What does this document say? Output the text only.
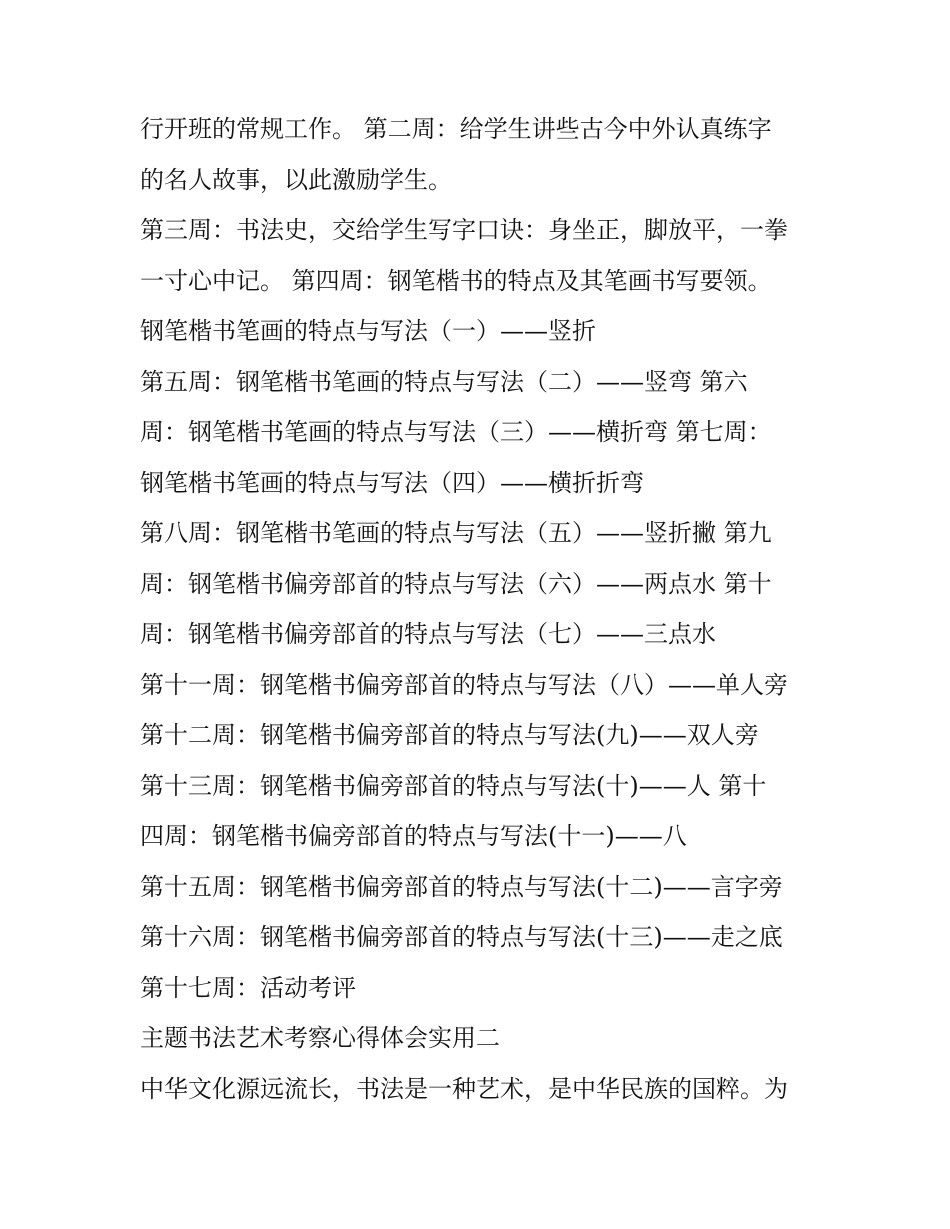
行开班的常规工作。 第二周：给学生讲些古今中外认真练字
的名人故事，以此激励学生。
第三周：书法史，交给学生写字口诀：身坐正，脚放平，一拳
一寸心中记。 第四周：钢笔楷书的特点及其笔画书写要领。
钢笔楷书笔画的特点与写法（一）——竖折
第五周：钢笔楷书笔画的特点与写法（二）——竖弯 第六
周：钢笔楷书笔画的特点与写法（三）——横折弯 第七周：
钢笔楷书笔画的特点与写法（四）——横折折弯
第八周：钢笔楷书笔画的特点与写法（五）——竖折撇 第九
周：钢笔楷书偏旁部首的特点与写法（六）——两点水 第十
周：钢笔楷书偏旁部首的特点与写法（七）——三点水
第十一周：钢笔楷书偏旁部首的特点与写法（八）——单人旁
第十二周：钢笔楷书偏旁部首的特点与写法(九)——双人旁
第十三周：钢笔楷书偏旁部首的特点与写法(十)——人 第十
四周：钢笔楷书偏旁部首的特点与写法(十一)——八
第十五周：钢笔楷书偏旁部首的特点与写法(十二)——言字旁
第十六周：钢笔楷书偏旁部首的特点与写法(十三)——走之底
第十七周：活动考评
主题书法艺术考察心得体会实用二
中华文化源远流长，书法是一种艺术，是中华民族的国粹。为
